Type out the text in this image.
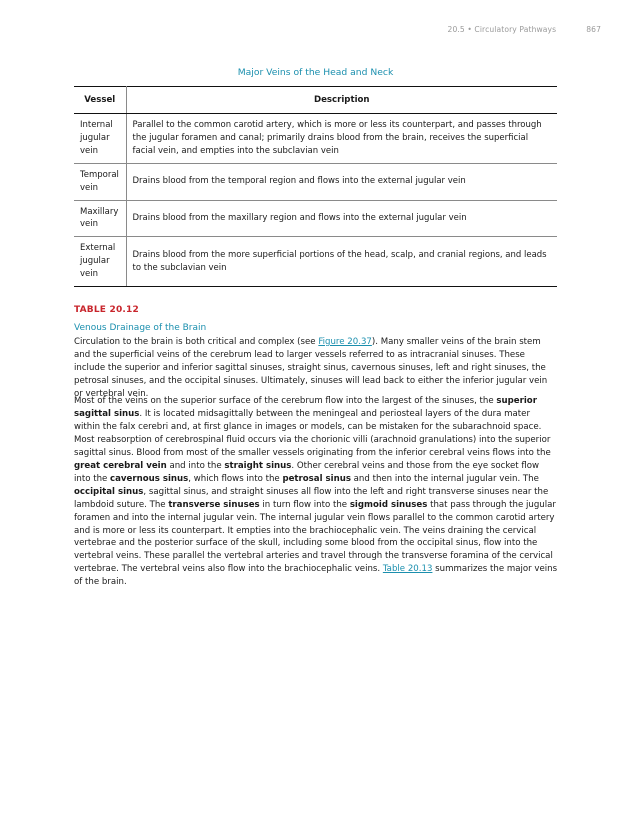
20.5 • Circulatory Pathways	867
Major Veins of the Head and Neck
Vessel	Description
Internal jugular vein	Parallel to the common carotid artery, which is more or less its counterpart, and passes through the jugular foramen and canal; primarily drains blood from the brain, receives the superficial facial vein, and empties into the subclavian vein
Temporal vein	Drains blood from the temporal region and flows into the external jugular vein
Maxillary vein	Drains blood from the maxillary region and flows into the external jugular vein
External jugular vein	Drains blood from the more superficial portions of the head, scalp, and cranial regions, and leads to the subclavian vein
TABLE 20.12
Venous Drainage of the Brain

Circulation to the brain is both critical and complex (see Figure 20.37). Many smaller veins of the brain stem and the superficial veins of the cerebrum lead to larger vessels referred to as intracranial sinuses. These include the superior and inferior sagittal sinuses, straight sinus, cavernous sinuses, left and right sinuses, the petrosal sinuses, and the occipital sinuses. Ultimately, sinuses will lead back to either the inferior jugular vein or vertebral vein.

Most of the veins on the superior surface of the cerebrum flow into the largest of the sinuses, the superior sagittal sinus. It is located midsagittally between the meningeal and periosteal layers of the dura mater within the falx cerebri and, at first glance in images or models, can be mistaken for the subarachnoid space. Most reabsorption of cerebrospinal fluid occurs via the chorionic villi (arachnoid granulations) into the superior sagittal sinus. Blood from most of the smaller vessels originating from the inferior cerebral veins flows into the great cerebral vein and into the straight sinus. Other cerebral veins and those from the eye socket flow into the cavernous sinus, which flows into the petrosal sinus and then into the internal jugular vein. The occipital sinus, sagittal sinus, and straight sinuses all flow into the left and right transverse sinuses near the lambdoid suture. The transverse sinuses in turn flow into the sigmoid sinuses that pass through the jugular foramen and into the internal jugular vein. The internal jugular vein flows parallel to the common carotid artery and is more or less its counterpart. It empties into the brachiocephalic vein. The veins draining the cervical vertebrae and the posterior surface of the skull, including some blood from the occipital sinus, flow into the vertebral veins. These parallel the vertebral arteries and travel through the transverse foramina of the cervical vertebrae. The vertebral veins also flow into the brachiocephalic veins. Table 20.13 summarizes the major veins of the brain.
